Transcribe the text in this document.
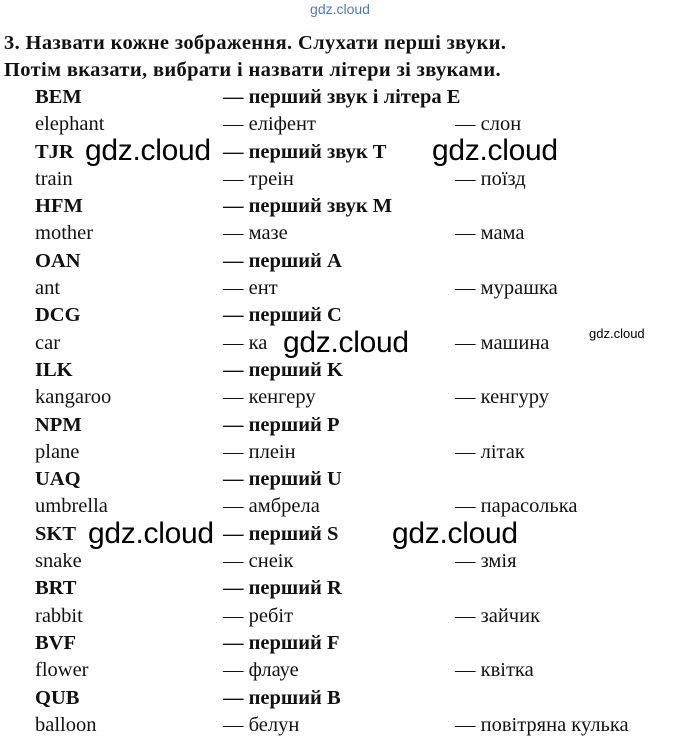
gdz.cloud
3. Назвати кожне зображення. Слухати перші звуки.
Потім вказати, вибрати і назвати літери зі звуками.
BEM	— перший звук і літера E
elephant	— еліфент	— слон
TJR	— перший звук T
train	— треін	— поїзд
HFM	— перший звук M
mother	— мазе	— мама
OAN	— перший A
ant	— ент	— мурашка
DCG	— перший C
car	— ка	— машина
ILK	— перший K
kangaroo	— кенгеру	— кенгуру
NPM	— перший P
plane	— плеін	— літак
UAQ	— перший U
umbrella	— амбрела	— парасолька
SKT	— перший S
snake	— снеік	— змія
BRT	— перший R
rabbit	— ребіт	— зайчик
BVF	— перший F
flower	— флауе	— квітка
QUB	— перший B
balloon	— белун	— повітряна кулька
gdz.cloud	gdz.cloud
gdz.cloud
gdz.cloud	gdz.cloud
gdz.cloud
